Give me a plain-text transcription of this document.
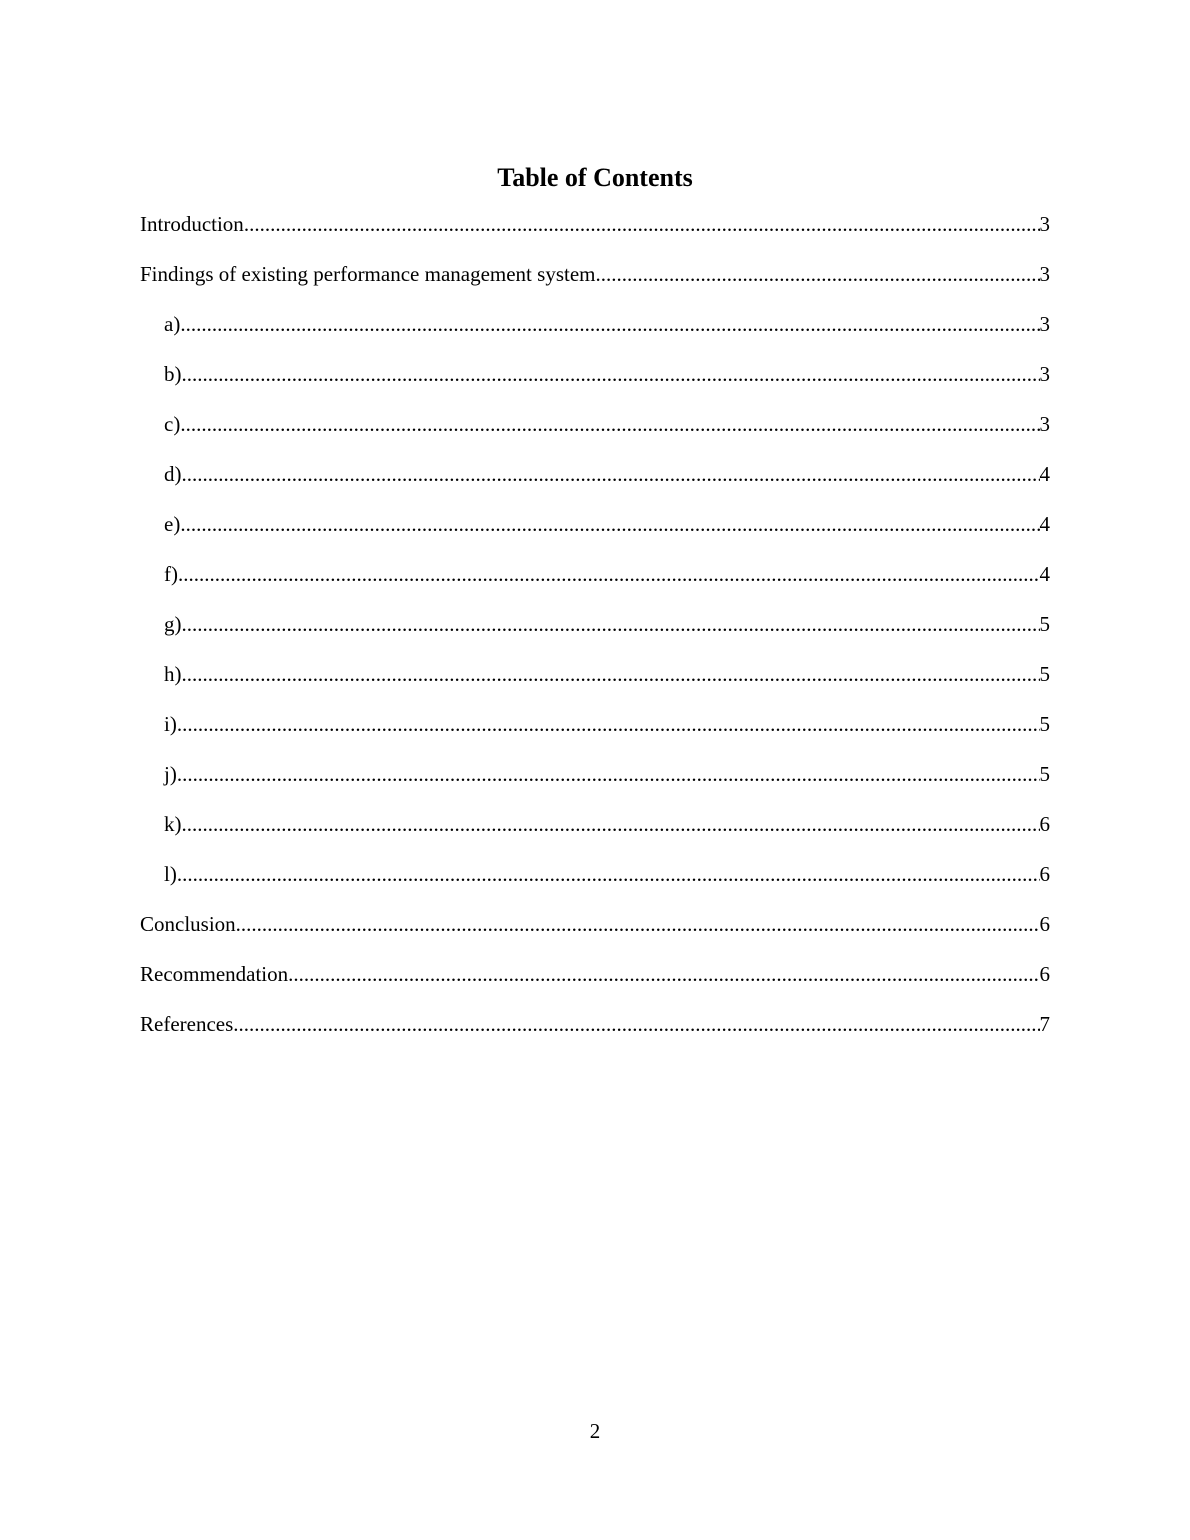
Table of Contents
Introduction .....	3
Findings of existing performance management system .....	3
a) .....	3
b) .....	3
c) .....	3
d) .....	4
e) .....	4
f) .....	4
g) .....	5
h) .....	5
i) .....	5
j) .....	5
k) .....	6
l) .....	6
Conclusion .....	6
Recommendation .....	6
References .....	7
2
